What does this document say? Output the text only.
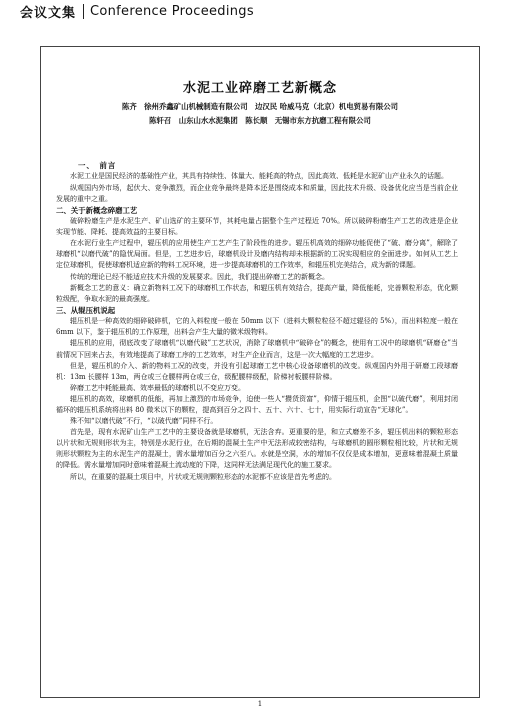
会议文集 Conference Proceedings
水泥工业碎磨工艺新概念
陈齐　徐州乔鑫矿山机械制造有限公司　边汉民 哈威马克（北京）机电贸易有限公司
陈轩召　山东山水水泥集团　陈长顺　无锡市东方抗磨工程有限公司
一、　前言

水泥工业是国民经济的基础性产业，其具有持续性、体量大、能耗高的特点，因此高效、低耗是水泥矿山产业永久的话题。

纵观国内外市场，起伏大、竞争激烈，而企业竞争最终是降本还是围绕成本和质量，因此技术升级、设备优化应当是当前企业发展的重中之重。

二、关于新概念碎磨工艺

破碎粉磨生产是水泥生产、矿山选矿的主要环节，其耗电量占据整个生产过程近 70%。所以破碎粉磨生产工艺的改进是企业实现节能、降耗、提高效益的主要目标。

在水泥行业生产过程中，辊压机的应用使生产工艺产生了阶段性的进步。辊压机高效的细碎功能促使了“破、磨分离”，解除了球磨机“以磨代破”的隐忧局面。但是，工艺进步后，球磨机设计及磨内结构却未根据新的工况实现相应的全面进步。如何从工艺上定位球磨机，促使球磨机适应新的物料工况环境，进一步提高球磨机的工作效率，和辊压机完美结合，成为新的课题。

传统的理论已经不能适应技术升级的发展要求。因此，我们提出碎磨工艺的新概念。

新概念工艺的意义：确立新物料工况下的球磨机工作状态，和辊压机有效结合，提高产量，降低能耗，完善颗粒形态，优化颗粒级配，争取水泥的最高强度。

三、从辊压机说起

辊压机是一种高效的细碎破碎机，它的入料粒度一般在 50mm 以下（进料大颗粒粒径不超过辊径的 5%），而出料粒度一般在 6mm 以下，鉴于辊压机的工作原理，出料会产生大量的微米级物料。

辊压机的应用，彻底改变了球磨机“以磨代破”工艺状况，消除了球磨机中“破碎仓”的概念，使用有工况中的球磨机“研磨仓”当前情况下回来占去，有效地提高了球磨工序的工艺效率，对生产企业而言，这是一次大幅度的工艺进步。

但是，辊压机的介入、新的物料工况的改变，并没有引起球磨工艺中核心设备球磨机的改变。纵观国内外用于研磨工段球磨机：13m 长腰样 13m，两仓或三仓腰样两仓或三仓，级配腰样级配，阶梯衬板腰样阶梯。

碎磨工艺中耗能最高、效率最低的球磨机以不变应万变。

辊压机的高效，球磨机的低能，再加上激烈的市场竞争，迫使一些人“攒货资富”，仰情于辊压机，企图“以破代磨”，利用封闭循环的辊压机系统将出料 80 微米以下的颗粒，提高到百分之四十、五十、六十、七十，用实际行动宣告“无球化”。

殊不知“以磨代破”不行，“以破代磨”同样不行。

首先是，现有水泥矿山生产工艺中的主要设备就是球磨机，无法含弃。更重要的是，和立式磨差不多，辊压机出料的颗粒形态以片状和无规则形状为主，特别是水泥行业，在后期的混凝土生产中无法形成较密结构，与球磨机的圆形颗粒相比较，片状和无规则形状颗粒为主的水泥生产的混凝土，需水量增加百分之六至八。水就是空洞，水的增加不仅仅是成本增加，更意味着混凝土质量的降低。需水量增加同时意味着混凝土流动度的下降，这同样无法满足现代化的施工要求。

所以，在重要的混凝土项目中，片状或无规则颗粒形态的水泥都不应该是首先考虑的。

1
